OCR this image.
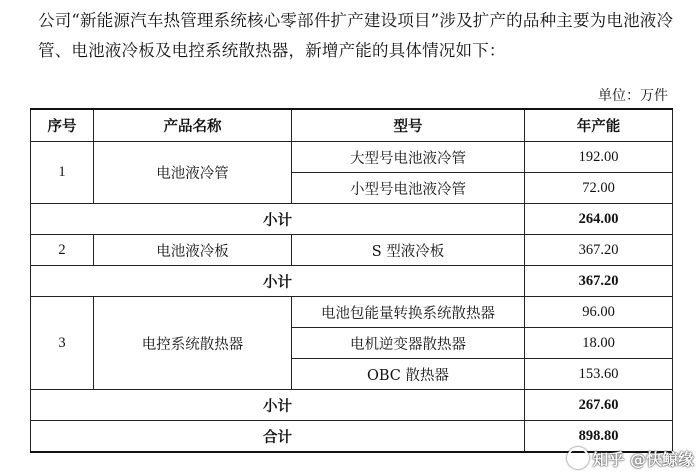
公司“新能源汽车热管理系统核心零部件扩产建设项目”涉及扩产的品种主要为电池液冷管、电池液冷板及电控系统散热器，新增产能的具体情况如下：
单位：万件
序号	产品名称	型号	年产能
1	电池液冷管	大型号电池液冷管	192.00
		小型号电池液冷管	72.00
小计			264.00
2	电池液冷板	S 型液冷板	367.20
小计			367.20
3	电控系统散热器	电池包能量转换系统散热器	96.00
		电机逆变器散热器	18.00
		OBC 散热器	153.60
小计			267.60
合计			898.80
知乎 @快鲸缘
